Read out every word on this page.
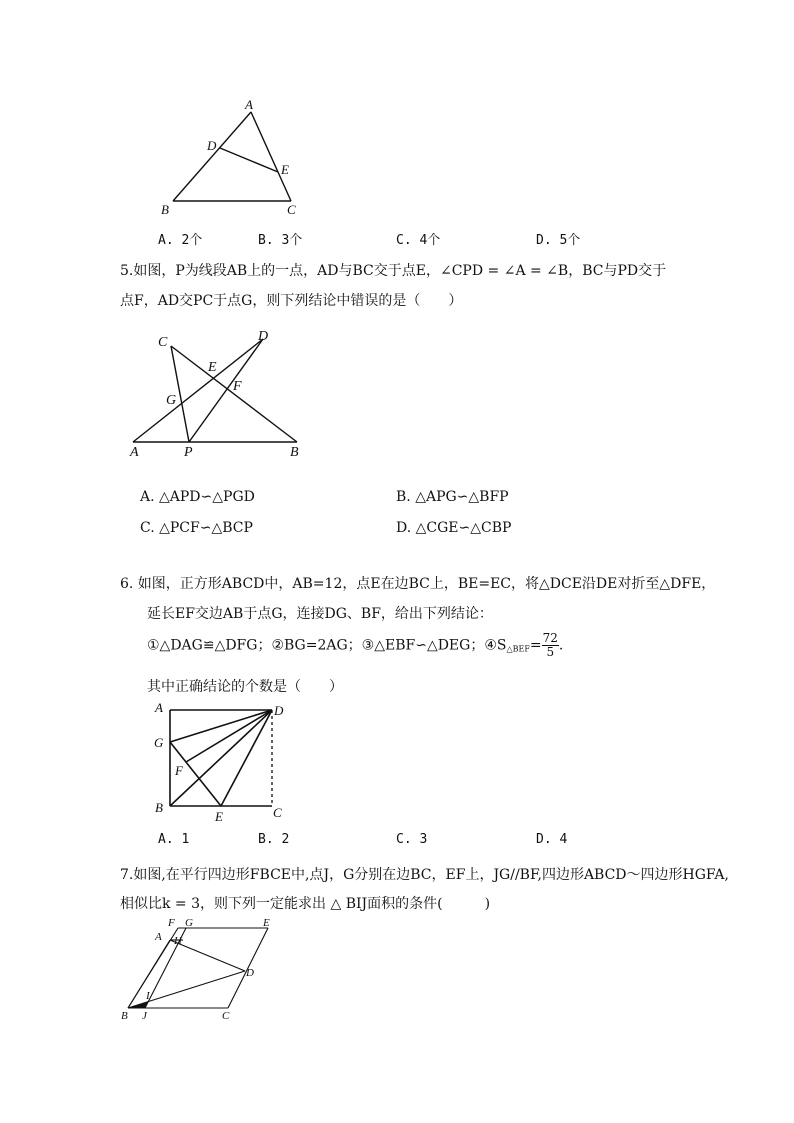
A
D
E
B	C
A. 2个	B. 3个	C. 4个	D. 5个
5.如图，P为线段AB上的一点，AD与BC交于点E，∠CPD = ∠A = ∠B，BC与PD交于
点F，AD交PC于点G，则下列结论中错误的是（　　）
C	D
E
F
G
A	P	B
A. △APD∽△PGD	B. △APG∽△BFP
C. △PCF∽△BCP	D. △CGE∽△CBP
6. 如图，正方形ABCD中，AB=12，点E在边BC上，BE=EC，将△DCE沿DE对折至△DFE，
延长EF交边AB于点G，连接DG、BF，给出下列结论：
①△DAG≌△DFG；②BG=2AG；③△EBF∽△DEG；$④S_{\triangle BEF}= \frac{72}{5}$ .
其中正确结论的个数是（　　）
A	D
G
F
B
E	C
A. 1	B. 2	C. 3	D. 4
7.如图,在平行四边形FBCE中,点J，G分别在边BC，EF上，JG//BF,四边形ABCD～四边形HGFA,
相似比k = 3，则下列一定能求出 △ BIJ面积的条件(　　　)
F G	E
A H
D
I
B J	C
